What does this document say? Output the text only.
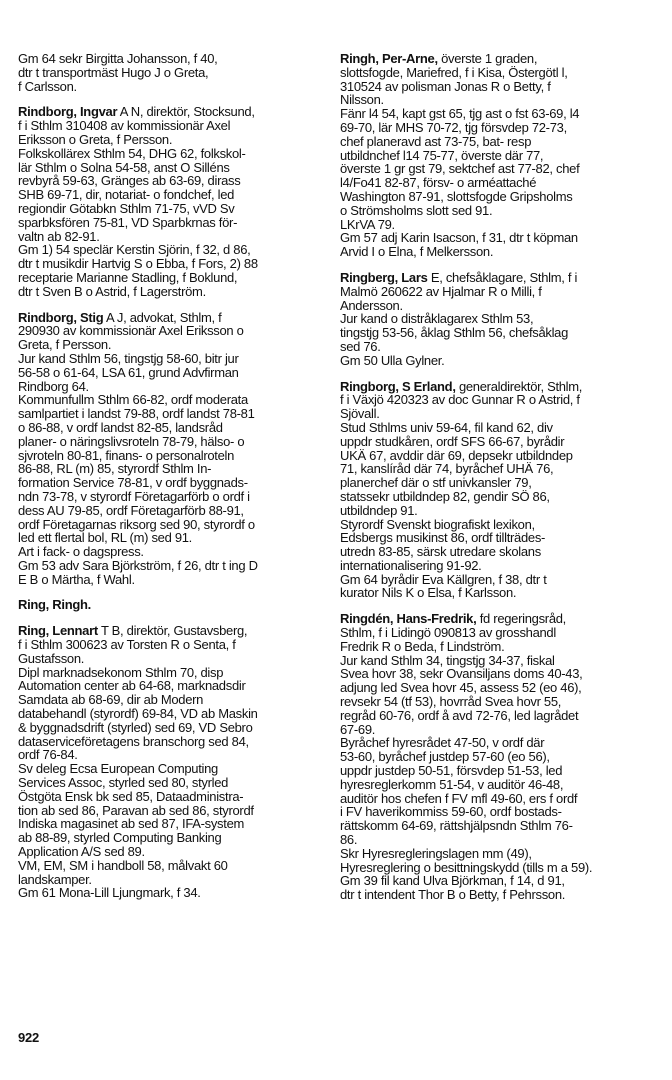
Gm 64 sekr Birgitta Johansson, f 40,
dtr t transportmäst Hugo J o Greta,
f Carlsson.
Rindborg, Ingvar A N, direktör, Stocksund,
f i Sthlm 310408 av kommissionär Axel
Eriksson o Greta, f Persson.
Folkskollärex Sthlm 54, DHG 62, folkskol-
lär Sthlm o Solna 54-58, anst O Silléns
revbyrå 59-63, Gränges ab 63-69, dirass
SHB 69-71, dir, notariat- o fondchef, led
regiondir Götabkn Sthlm 71-75, vVD Sv
sparbksfören 75-81, VD Sparbkrnas för-
valtn ab 82-91.
Gm 1) 54 speclär Kerstin Sjörin, f 32, d 86,
dtr t musikdir Hartvig S o Ebba, f Fors, 2) 88
receptarie Marianne Stadling, f Boklund,
dtr t Sven B o Astrid, f Lagerström.
Rindborg, Stig A J, advokat, Sthlm, f
290930 av kommissionär Axel Eriksson o
Greta, f Persson.
Jur kand Sthlm 56, tingstjg 58-60, bitr jur
56-58 o 61-64, LSA 61, grund Advfirman
Rindborg 64.
Kommunfullm Sthlm 66-82, ordf moderata
samlpartiet i landst 79-88, ordf landst 78-81
o 86-88, v ordf landst 82-85, landsråd
planer- o näringslivsroteln 78-79, hälso- o
sjvroteln 80-81, finans- o personalroteln
86-88, RL (m) 85, styrordf Sthlm In-
formation Service 78-81, v ordf byggnads-
ndn 73-78, v styrordf Företagarförb o ordf i
dess AU 79-85, ordf Företagarförb 88-91,
ordf Företagarnas riksorg sed 90, styrordf o
led ett flertal bol, RL (m) sed 91.
Art i fack- o dagspress.
Gm 53 adv Sara Björkström, f 26, dtr t ing D
E B o Märtha, f Wahl.
Ring, Ringh.
Ring, Lennart T B, direktör, Gustavsberg,
f i Sthlm 300623 av Torsten R o Senta, f
Gustafsson.
Dipl marknadsekonom Sthlm 70, disp
Automation center ab 64-68, marknadsdir
Samdata ab 68-69, dir ab Modern
databehandl (styrordf) 69-84, VD ab Maskin
& byggnadsdrift (styrled) sed 69, VD Sebro
dataserviceföretagens branschorg sed 84,
ordf 76-84.
Sv deleg Ecsa European Computing
Services Assoc, styrled sed 80, styrled
Östgöta Ensk bk sed 85, Dataadministra-
tion ab sed 86, Paravan ab sed 86, styrordf
Indiska magasinet ab sed 87, IFA-system
ab 88-89, styrled Computing Banking
Application A/S sed 89.
VM, EM, SM i handboll 58, målvakt 60
landskamper.
Gm 61 Mona-Lill Ljungmark, f 34.
Ringh, Per-Arne, överste 1 graden,
slottsfogde, Mariefred, f i Kisa, Östergötl l,
310524 av polisman Jonas R o Betty, f
Nilsson.
Fänr l4 54, kapt gst 65, tjg ast o fst 63-69, l4
69-70, lär MHS 70-72, tjg försvdep 72-73,
chef planeravd ast 73-75, bat- resp
utbildnchef l14 75-77, överste där 77,
överste 1 gr gst 79, sektchef ast 77-82, chef
l4/Fo41 82-87, försv- o arméattaché
Washington 87-91, slottsfogde Gripsholms
o Strömsholms slott sed 91.
LKrVA 79.
Gm 57 adj Karin Isacson, f 31, dtr t köpman
Arvid I o Elna, f Melkersson.
Ringberg, Lars E, chefsåklagare, Sthlm, f i
Malmö 260622 av Hjalmar R o Milli, f
Andersson.
Jur kand o distråklagarex Sthlm 53,
tingstjg 53-56, åklag Sthlm 56, chefsåklag
sed 76.
Gm 50 Ulla Gylner.
Ringborg, S Erland, generaldirektör, Sthlm,
f i Växjö 420323 av doc Gunnar R o Astrid, f
Sjövall.
Stud Sthlms univ 59-64, fil kand 62, div
uppdr studkåren, ordf SFS 66-67, byrådir
UKÄ 67, avddir där 69, depsekr utbildndep
71, kanslíråd där 74, byråchef UHÄ 76,
planerchef där o stf univkansler 79,
statssekr utbildndep 82, gendir SÖ 86,
utbildndep 91.
Styrordf Svenskt biografiskt lexikon,
Edsbergs musikinst 86, ordf tillträdes-
utredn 83-85, särsk utredare skolans
internationalisering 91-92.
Gm 64 byrådir Eva Källgren, f 38, dtr t
kurator Nils K o Elsa, f Karlsson.
Ringdén, Hans-Fredrik, fd regeringsråd,
Sthlm, f i Lidingö 090813 av grosshandl
Fredrik R o Beda, f Lindström.
Jur kand Sthlm 34, tingstjg 34-37, fiskal
Svea hovr 38, sekr Ovansiljans doms 40-43,
adjung led Svea hovr 45, assess 52 (eo 46),
revsekr 54 (tf 53), hovrråd Svea hovr 55,
regråd 60-76, ordf å avd 72-76, led lagrådet
67-69.
Byråchef hyresrådet 47-50, v ordf där
53-60, byråchef justdep 57-60 (eo 56),
uppdr justdep 50-51, försvdep 51-53, led
hyresreglerkomm 51-54, v auditör 46-48,
auditör hos chefen f FV mfl 49-60, ers f ordf
i FV haverikommiss 59-60, ordf bostads-
rättskomm 64-69, rättshjälpsndn Sthlm 76-
86.
Skr Hyresregleringslagen mm (49),
Hyresreglering o besittningskydd (tills m a 59).
Gm 39 fil kand Ulva Björkman, f 14, d 91,
dtr t intendent Thor B o Betty, f Pehrsson.
922
